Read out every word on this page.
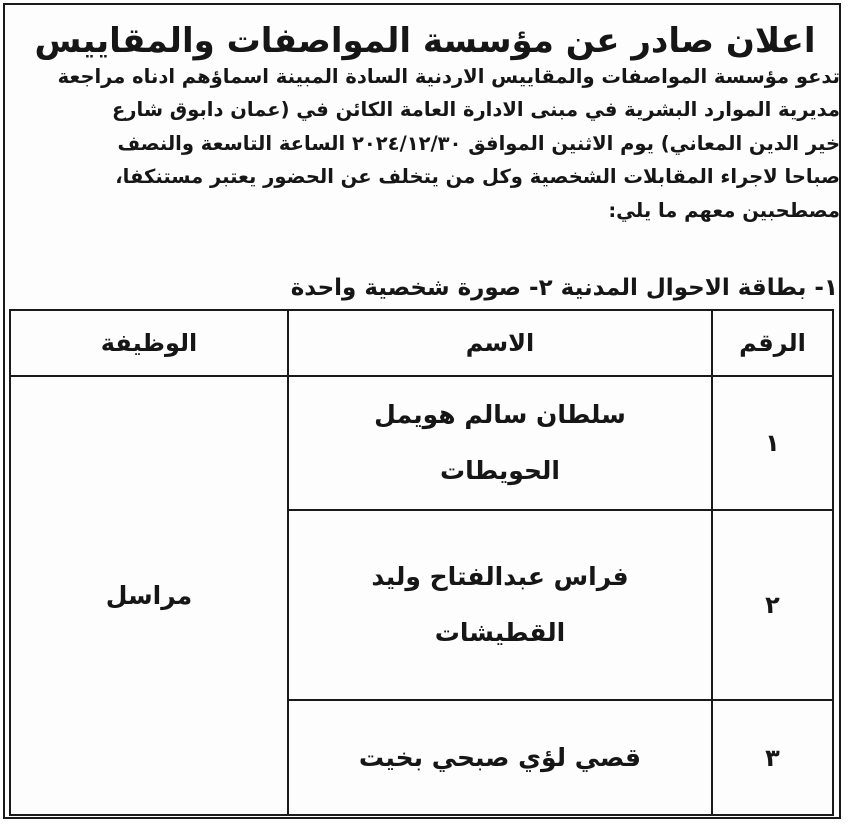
اعلان صادر عن مؤسسة المواصفات والمقاييس
تدعو مؤسسة المواصفات والمقاييس الاردنية السادة المبينة اسماؤهم ادناه مراجعة
مديرية الموارد البشرية في مبنى الادارة العامة الكائن في (عمان دابوق شارع
خير الدين المعاني) يوم الاثنين الموافق ٢٠٢٤/١٢/٣٠ الساعة التاسعة والنصف
صباحا لاجراء المقابلات الشخصية وكل من يتخلف عن الحضور يعتبر مستنكفا،
مصطحبين معهم ما يلي:
١- بطاقة الاحوال المدنية ٢- صورة شخصية واحدة
الرقم	الاسم	الوظيفة
١	سلطان سالم هويمل الحويطات	مراسل
٢	فراس عبدالفتاح وليد القطيشات	
٣	قصي لؤي صبحي بخيت	
